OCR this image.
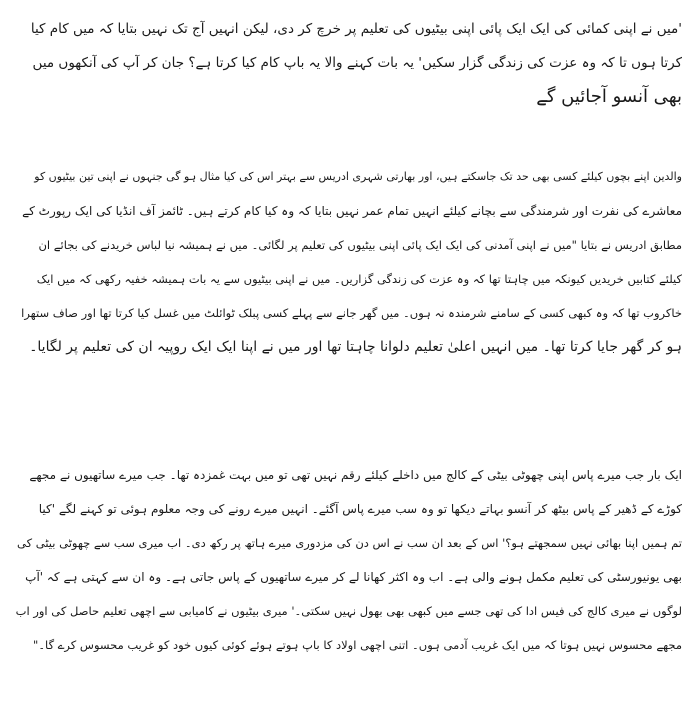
'میں نے اپنی کمائی کی ایک ایک پائی اپنی بیٹیوں کی تعلیم پر خرچ کر دی، لیکن انہیں آج تک نہیں بتایا کہ میں کام کیا
کرتا ہوں تا کہ وہ عزت کی زندگی گزار سکیں' یہ بات کہنے والا یہ باپ کام کیا کرتا ہے؟ جان کر آپ کی آنکھوں میں
بھی آنسو آجائیں گے

والدین اپنے بچوں کیلئے کسی بھی حد تک جاسکتے ہیں، اور بھارتی شہری ادریس سے بہتر اس کی کیا مثال ہو گی جنہوں نے اپنی تین بیٹیوں کو
معاشرے کی نفرت اور شرمندگی سے بچانے کیلئے انہیں تمام عمر نہیں بتایا کہ وہ کیا کام کرتے ہیں۔ ٹائمز آف انڈیا کی ایک رپورٹ کے
مطابق ادریس نے بتایا "میں نے اپنی آمدنی کی ایک ایک پائی اپنی بیٹیوں کی تعلیم پر لگائی۔ میں نے ہمیشہ نیا لباس خریدنے کی بجائے ان
کیلئے کتابیں خریدیں کیونکہ میں چاہتا تھا کہ وہ عزت کی زندگی گزاریں۔ میں نے اپنی بیٹیوں سے یہ بات ہمیشہ خفیہ رکھی کہ میں ایک
خاکروب تھا کہ وہ کبھی کسی کے سامنے شرمندہ نہ ہوں۔ میں گھر جانے سے پہلے کسی پبلک ٹوائلٹ میں غسل کیا کرتا تھا اور صاف ستھرا
ہو کر گھر جایا کرتا تھا۔ میں انہیں اعلیٰ تعلیم دلوانا چاہتا تھا اور میں نے اپنا ایک ایک روپیہ ان کی تعلیم پر لگایا۔

ایک بار جب میرے پاس اپنی چھوٹی بیٹی کے کالج میں داخلے کیلئے رقم نہیں تھی تو میں بہت غمزدہ تھا۔ جب میرے ساتھیوں نے مجھے
کوڑے کے ڈھیر کے پاس بیٹھ کر آنسو بہاتے دیکھا تو وہ سب میرے پاس آگئے۔ انہیں میرے رونے کی وجہ معلوم ہوئی تو کہنے لگے 'کیا
تم ہمیں اپنا بھائی نہیں سمجھتے ہو؟' اس کے بعد ان سب نے اس دن کی مزدوری میرے ہاتھ پر رکھ دی۔ اب میری سب سے چھوٹی بیٹی کی
بھی یونیورسٹی کی تعلیم مکمل ہونے والی ہے۔ اب وہ اکثر کھانا لے کر میرے ساتھیوں کے پاس جاتی ہے۔ وہ ان سے کہتی ہے کہ 'آپ
لوگوں نے میری کالج کی فیس ادا کی تھی جسے میں کبھی بھی بھول نہیں سکتی۔' میری بیٹیوں نے کامیابی سے اچھی تعلیم حاصل کی اور اب
مجھے محسوس نہیں ہوتا کہ میں ایک غریب آدمی ہوں۔ اتنی اچھی اولاد کا باپ ہوتے ہوئے کوئی کیوں خود کو غریب محسوس کرے گا۔"
